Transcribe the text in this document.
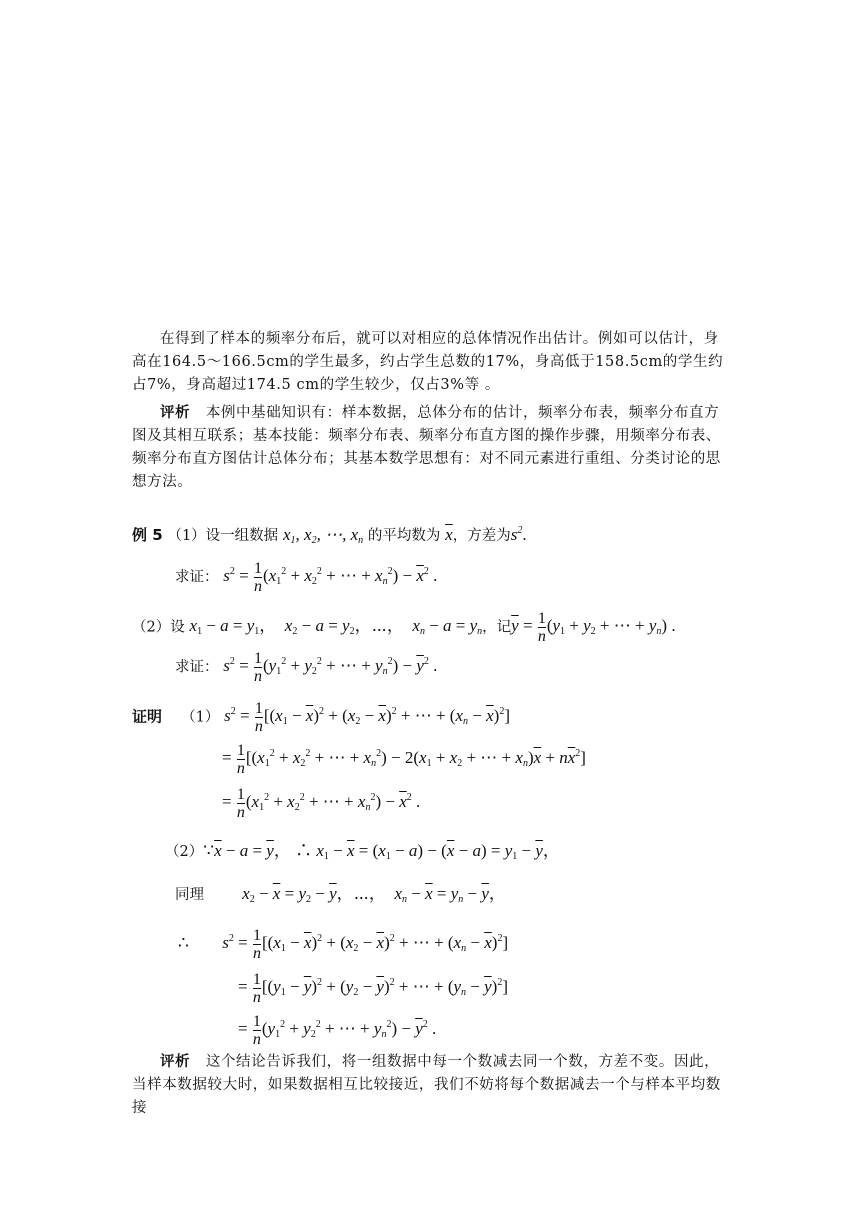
在得到了样本的频率分布后，就可以对相应的总体情况作出估计。例如可以估计，身高在164.5～166.5cm的学生最多，约占学生总数的17%，身高低于158.5cm的学生约占7%，身高超过174.5 cm的学生较少，仅占3%等 。

评析 本例中基础知识有：样本数据，总体分布的估计，频率分布表，频率分布直方图及其相互联系；基本技能：频率分布表、频率分布直方图的操作步骤，用频率分布表、频率分布直方图估计总体分布；其基本数学思想有：对不同元素进行重组、分类讨论的思想方法。

例 5 （1）设一组数据 $x_1$, $x_2$, ⋯, $x_n$ 的平均数为 $\overline{x}$，方差为$s^2$.
求证： $s^2 = \frac{1}{n} (x_1^2 + x_2^2$ + ⋯ + $x_n^2) - \overline{x}^2$ .
（2）设 $x_1 - a = y_1$，  $x_2 - a = y_2$，⋯，  $x_n - a = y_n$，记$\overline{y} = \frac{1}{n} (y_1 + y_2$ + ⋯ + $y_n$) .
求证： $s^2 = \frac{1}{n} (y_1^2 + y_2^2$ + ⋯ + $y_n^2) - \overline{y}^2$ .
证明 （1） $s^2 = \frac{1}{n} [(x_1 - \overline{x})^2 + (x_2 - \overline{x})^2$ + ⋯ + $(x_n - \overline{x})^2$]
= $\frac{1}{n} [(x_1^2 + x_2^2$ + ⋯ + $x_n^2) - 2(x_1 + x_2$ + ⋯ + $x_n)\overline{x} + n\overline{x}^2$]
= $\frac{1}{n} (x_1^2 + x_2^2$ + ⋯ + $x_n^2) - \overline{x}^2$ .
$(2)\because\overline{x} - a = \overline{y}$， ∴ $x_1 - \overline{x} = (x_1 - a) - (\overline{x} - a) = y_1 - \overline{y}$，
同理 $x_2 - \overline{x} = y_2 - \overline{y}$，⋯，  $x_n - \overline{x} = y_n - \overline{y}$，
∴ $s^2 = \frac{1}{n} [(x_1 - \overline{x})^2 + (x_2 - \overline{x})^2$ + ⋯ + $(x_n - \overline{x})^2$]
= $\frac{1}{n} [(y_1 - \overline{y})^2 + (y_2 - \overline{y})^2$ + ⋯ + $(y_n - \overline{y})^2$]
= $\frac{1}{n} (y_1^2 + y_2^2$ + ⋯ + $y_n^2) - \overline{y}^2$ .

评析 这个结论告诉我们，将一组数据中每一个数减去同一个数，方差不变。因此，当样本数据较大时，如果数据相互比较接近，我们不妨将每个数据减去一个与样本平均数接
